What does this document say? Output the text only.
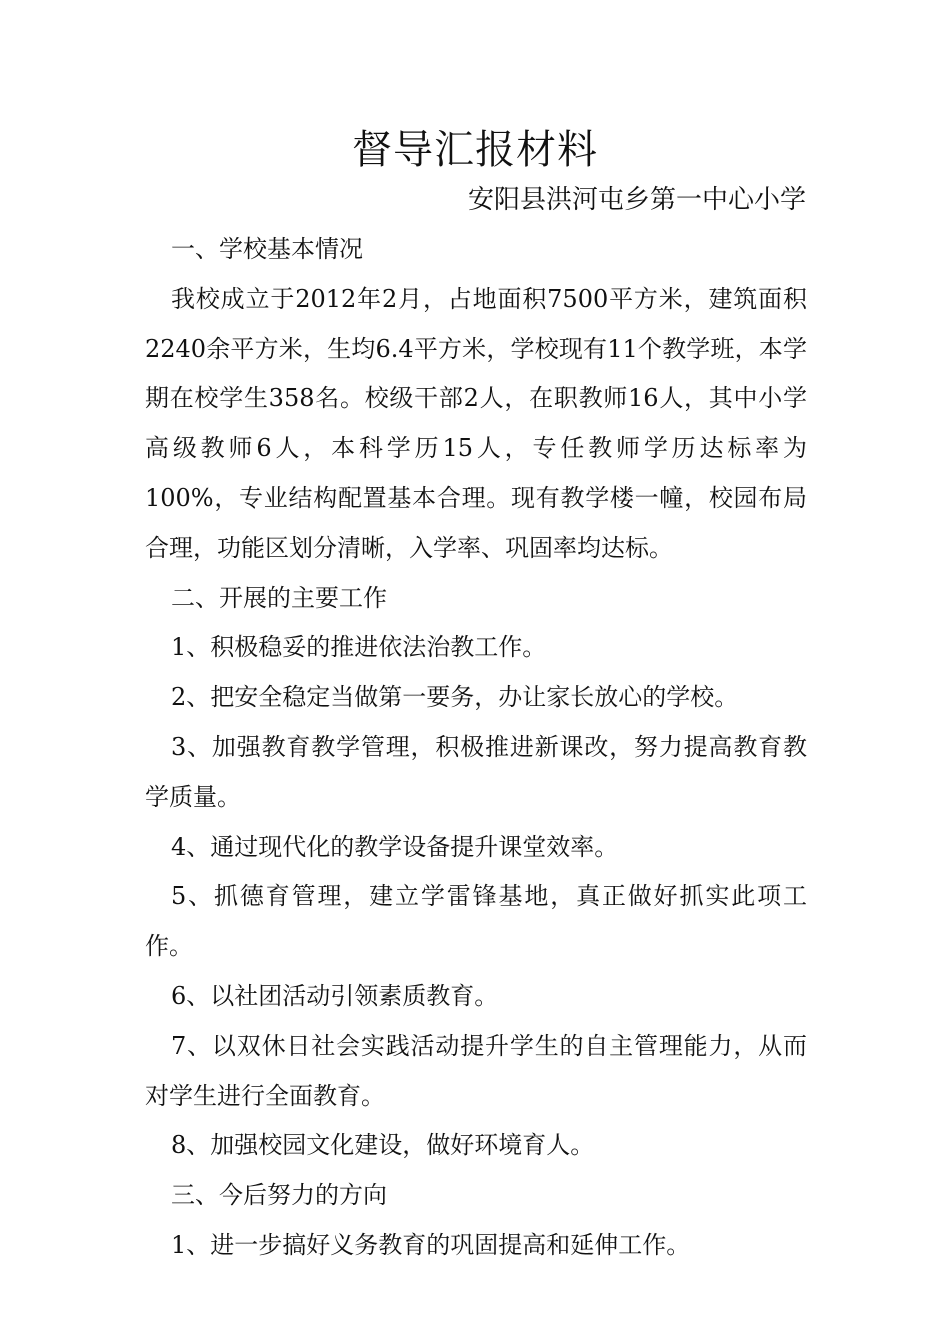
督导汇报材料
安阳县洪河屯乡第一中心小学

一、学校基本情况

我校成立于2012年2月，占地面积7500平方米，建筑面积2240余平方米，生均6.4平方米，学校现有11个教学班，本学期在校学生358名。校级干部2人，在职教师16人，其中小学高级教师6人，本科学历15人，专任教师学历达标率为100%，专业结构配置基本合理。现有教学楼一幢，校园布局合理，功能区划分清晰，入学率、巩固率均达标。

二、开展的主要工作

1、积极稳妥的推进依法治教工作。

2、把安全稳定当做第一要务，办让家长放心的学校。

3、加强教育教学管理，积极推进新课改，努力提高教育教学质量。

4、通过现代化的教学设备提升课堂效率。

5、抓德育管理，建立学雷锋基地，真正做好抓实此项工作。

6、以社团活动引领素质教育。

7、以双休日社会实践活动提升学生的自主管理能力，从而对学生进行全面教育。

8、加强校园文化建设，做好环境育人。

三、今后努力的方向

1、进一步搞好义务教育的巩固提高和延伸工作。
